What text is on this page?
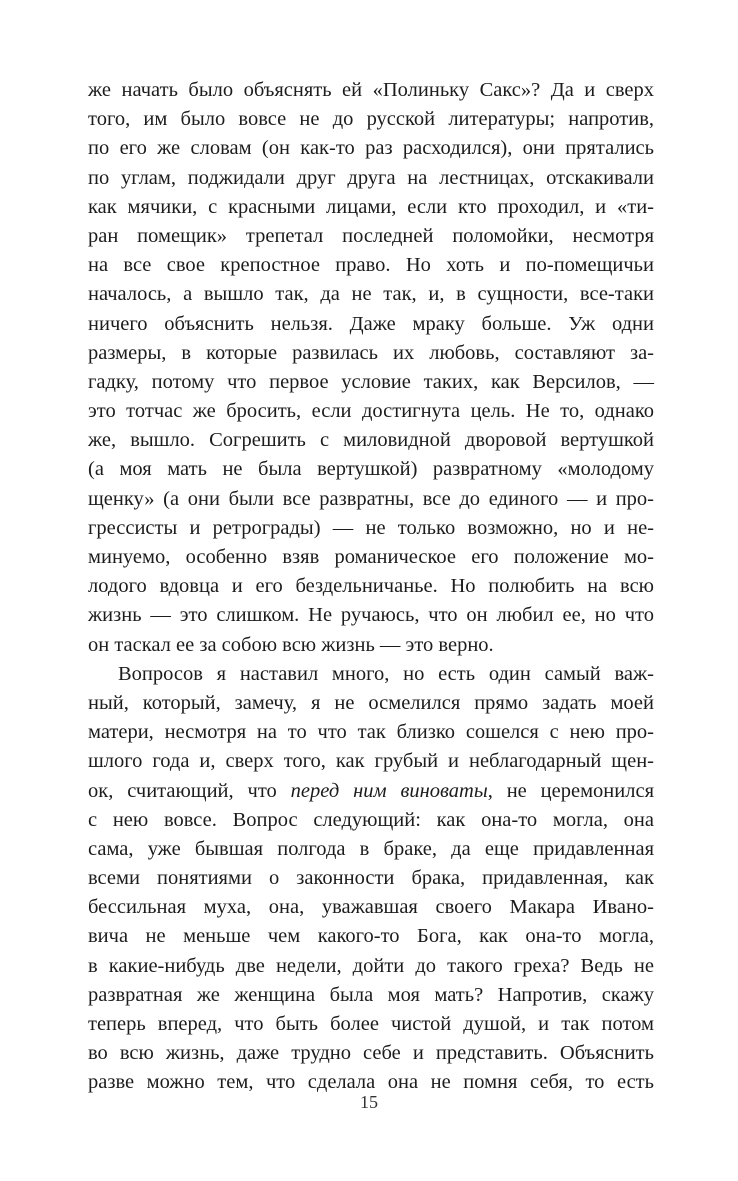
же начать было объяснять ей «Полиньку Сакс»? Да и сверх
того, им было вовсе не до русской литературы; напротив,
по его же словам (он как-то раз расходился), они прятались
по углам, поджидали друг друга на лестницах, отскакивали
как мячики, с красными лицами, если кто проходил, и «ти-
ран помещик» трепетал последней поломойки, несмотря
на все свое крепостное право. Но хоть и по-помещичьи
началось, а вышло так, да не так, и, в сущности, все-таки
ничего объяснить нельзя. Даже мраку больше. Уж одни
размеры, в которые развилась их любовь, составляют за-
гадку, потому что первое условие таких, как Версилов, —
это тотчас же бросить, если достигнута цель. Не то, однако
же, вышло. Согрешить с миловидной дворовой вертушкой
(а моя мать не была вертушкой) развратному «молодому
щенку» (а они были все развратны, все до единого — и про-
грессисты и ретрограды) — не только возможно, но и не-
минуемо, особенно взяв романическое его положение мо-
лодого вдовца и его бездельничанье. Но полюбить на всю
жизнь — это слишком. Не ручаюсь, что он любил ее, но что
он таскал ее за собою всю жизнь — это верно.
Вопросов я наставил много, но есть один самый важ-
ный, который, замечу, я не осмелился прямо задать моей
матери, несмотря на то что так близко сошелся с нею про-
шлого года и, сверх того, как грубый и неблагодарный щен-
ок, считающий, что перед ним виноваты, не церемонился
с нею вовсе. Вопрос следующий: как она-то могла, она
сама, уже бывшая полгода в браке, да еще придавленная
всеми понятиями о законности брака, придавленная, как
бессильная муха, она, уважавшая своего Макара Ивано-
вича не меньше чем какого-то Бога, как она-то могла,
в какие-нибудь две недели, дойти до такого греха? Ведь не
развратная же женщина была моя мать? Напротив, скажу
теперь вперед, что быть более чистой душой, и так потом
во всю жизнь, даже трудно себе и представить. Объяснить
разве можно тем, что сделала она не помня себя, то есть
15
